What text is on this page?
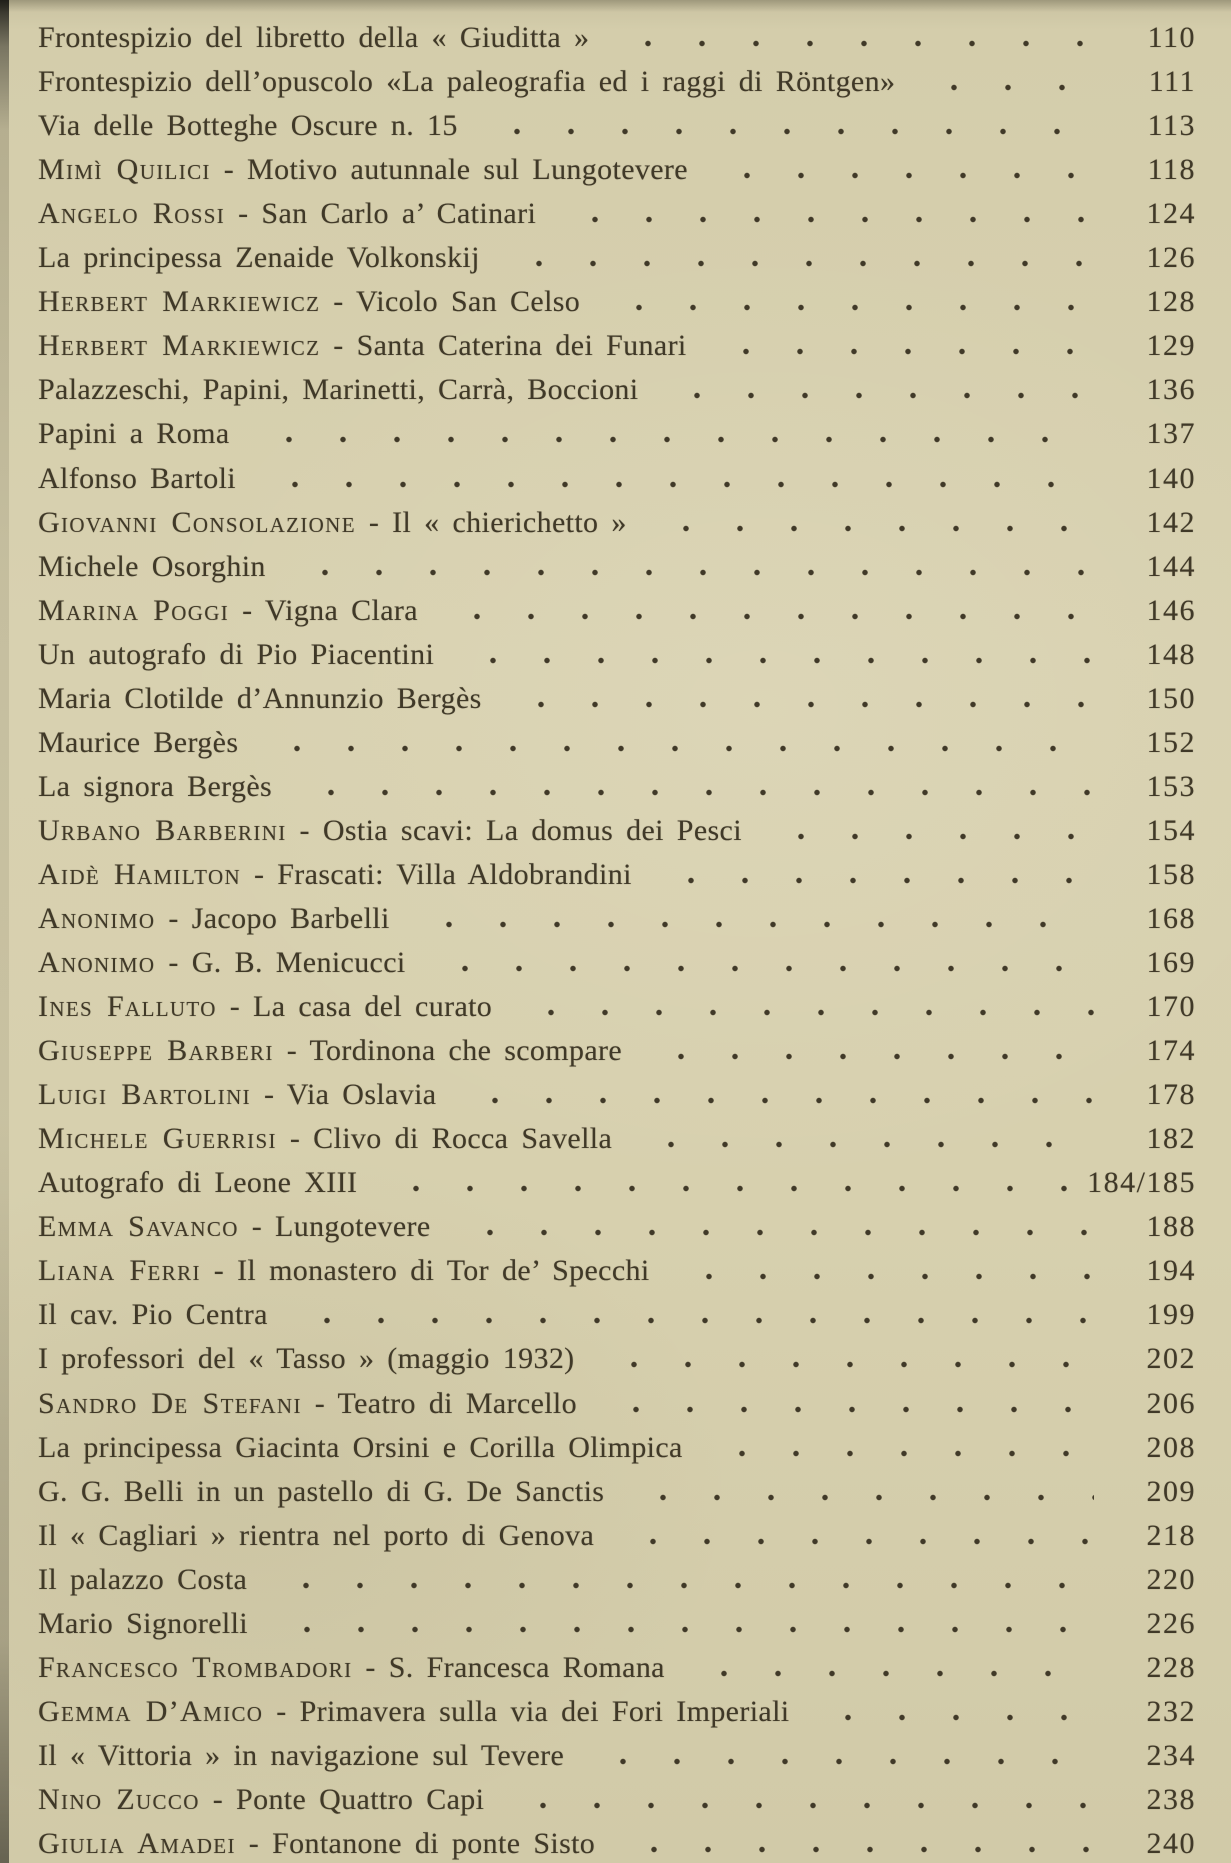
Frontespizio del libretto della « Giuditta »	110
Frontespizio dell’opuscolo «La paleografia ed i raggi di Röntgen»	111
Via delle Botteghe Oscure n. 15	113
Mimì Quilici - Motivo autunnale sul Lungotevere	118
Angelo Rossi - San Carlo a’ Catinari	124
La principessa Zenaide Volkonskij	126
Herbert Markiewicz - Vicolo San Celso	128
Herbert Markiewicz - Santa Caterina dei Funari	129
Palazzeschi, Papini, Marinetti, Carrà, Boccioni	136
Papini a Roma	137
Alfonso Bartoli	140
Giovanni Consolazione - Il « chierichetto »	142
Michele Osorghin	144
Marina Poggi - Vigna Clara	146
Un autografo di Pio Piacentini	148
Maria Clotilde d’Annunzio Bergès	150
Maurice Bergès	152
La signora Bergès	153
Urbano Barberini - Ostia scavi: La domus dei Pesci	154
Aidè Hamilton - Frascati: Villa Aldobrandini	158
Anonimo - Jacopo Barbelli	168
Anonimo - G. B. Menicucci	169
Ines Falluto - La casa del curato	170
Giuseppe Barberi - Tordinona che scompare	174
Luigi Bartolini - Via Oslavia	178
Michele Guerrisi - Clivo di Rocca Savella	182
Autografo di Leone XIII	184/185
Emma Savanco - Lungotevere	188
Liana Ferri - Il monastero di Tor de’ Specchi	194
Il cav. Pio Centra	199
I professori del « Tasso » (maggio 1932)	202
Sandro De Stefani - Teatro di Marcello	206
La principessa Giacinta Orsini e Corilla Olimpica	208
G. G. Belli in un pastello di G. De Sanctis	209
Il « Cagliari » rientra nel porto di Genova	218
Il palazzo Costa	220
Mario Signorelli	226
Francesco Trombadori - S. Francesca Romana	228
Gemma D’Amico - Primavera sulla via dei Fori Imperiali	232
Il « Vittoria » in navigazione sul Tevere	234
Nino Zucco - Ponte Quattro Capi	238
Giulia Amadei - Fontanone di ponte Sisto	240
